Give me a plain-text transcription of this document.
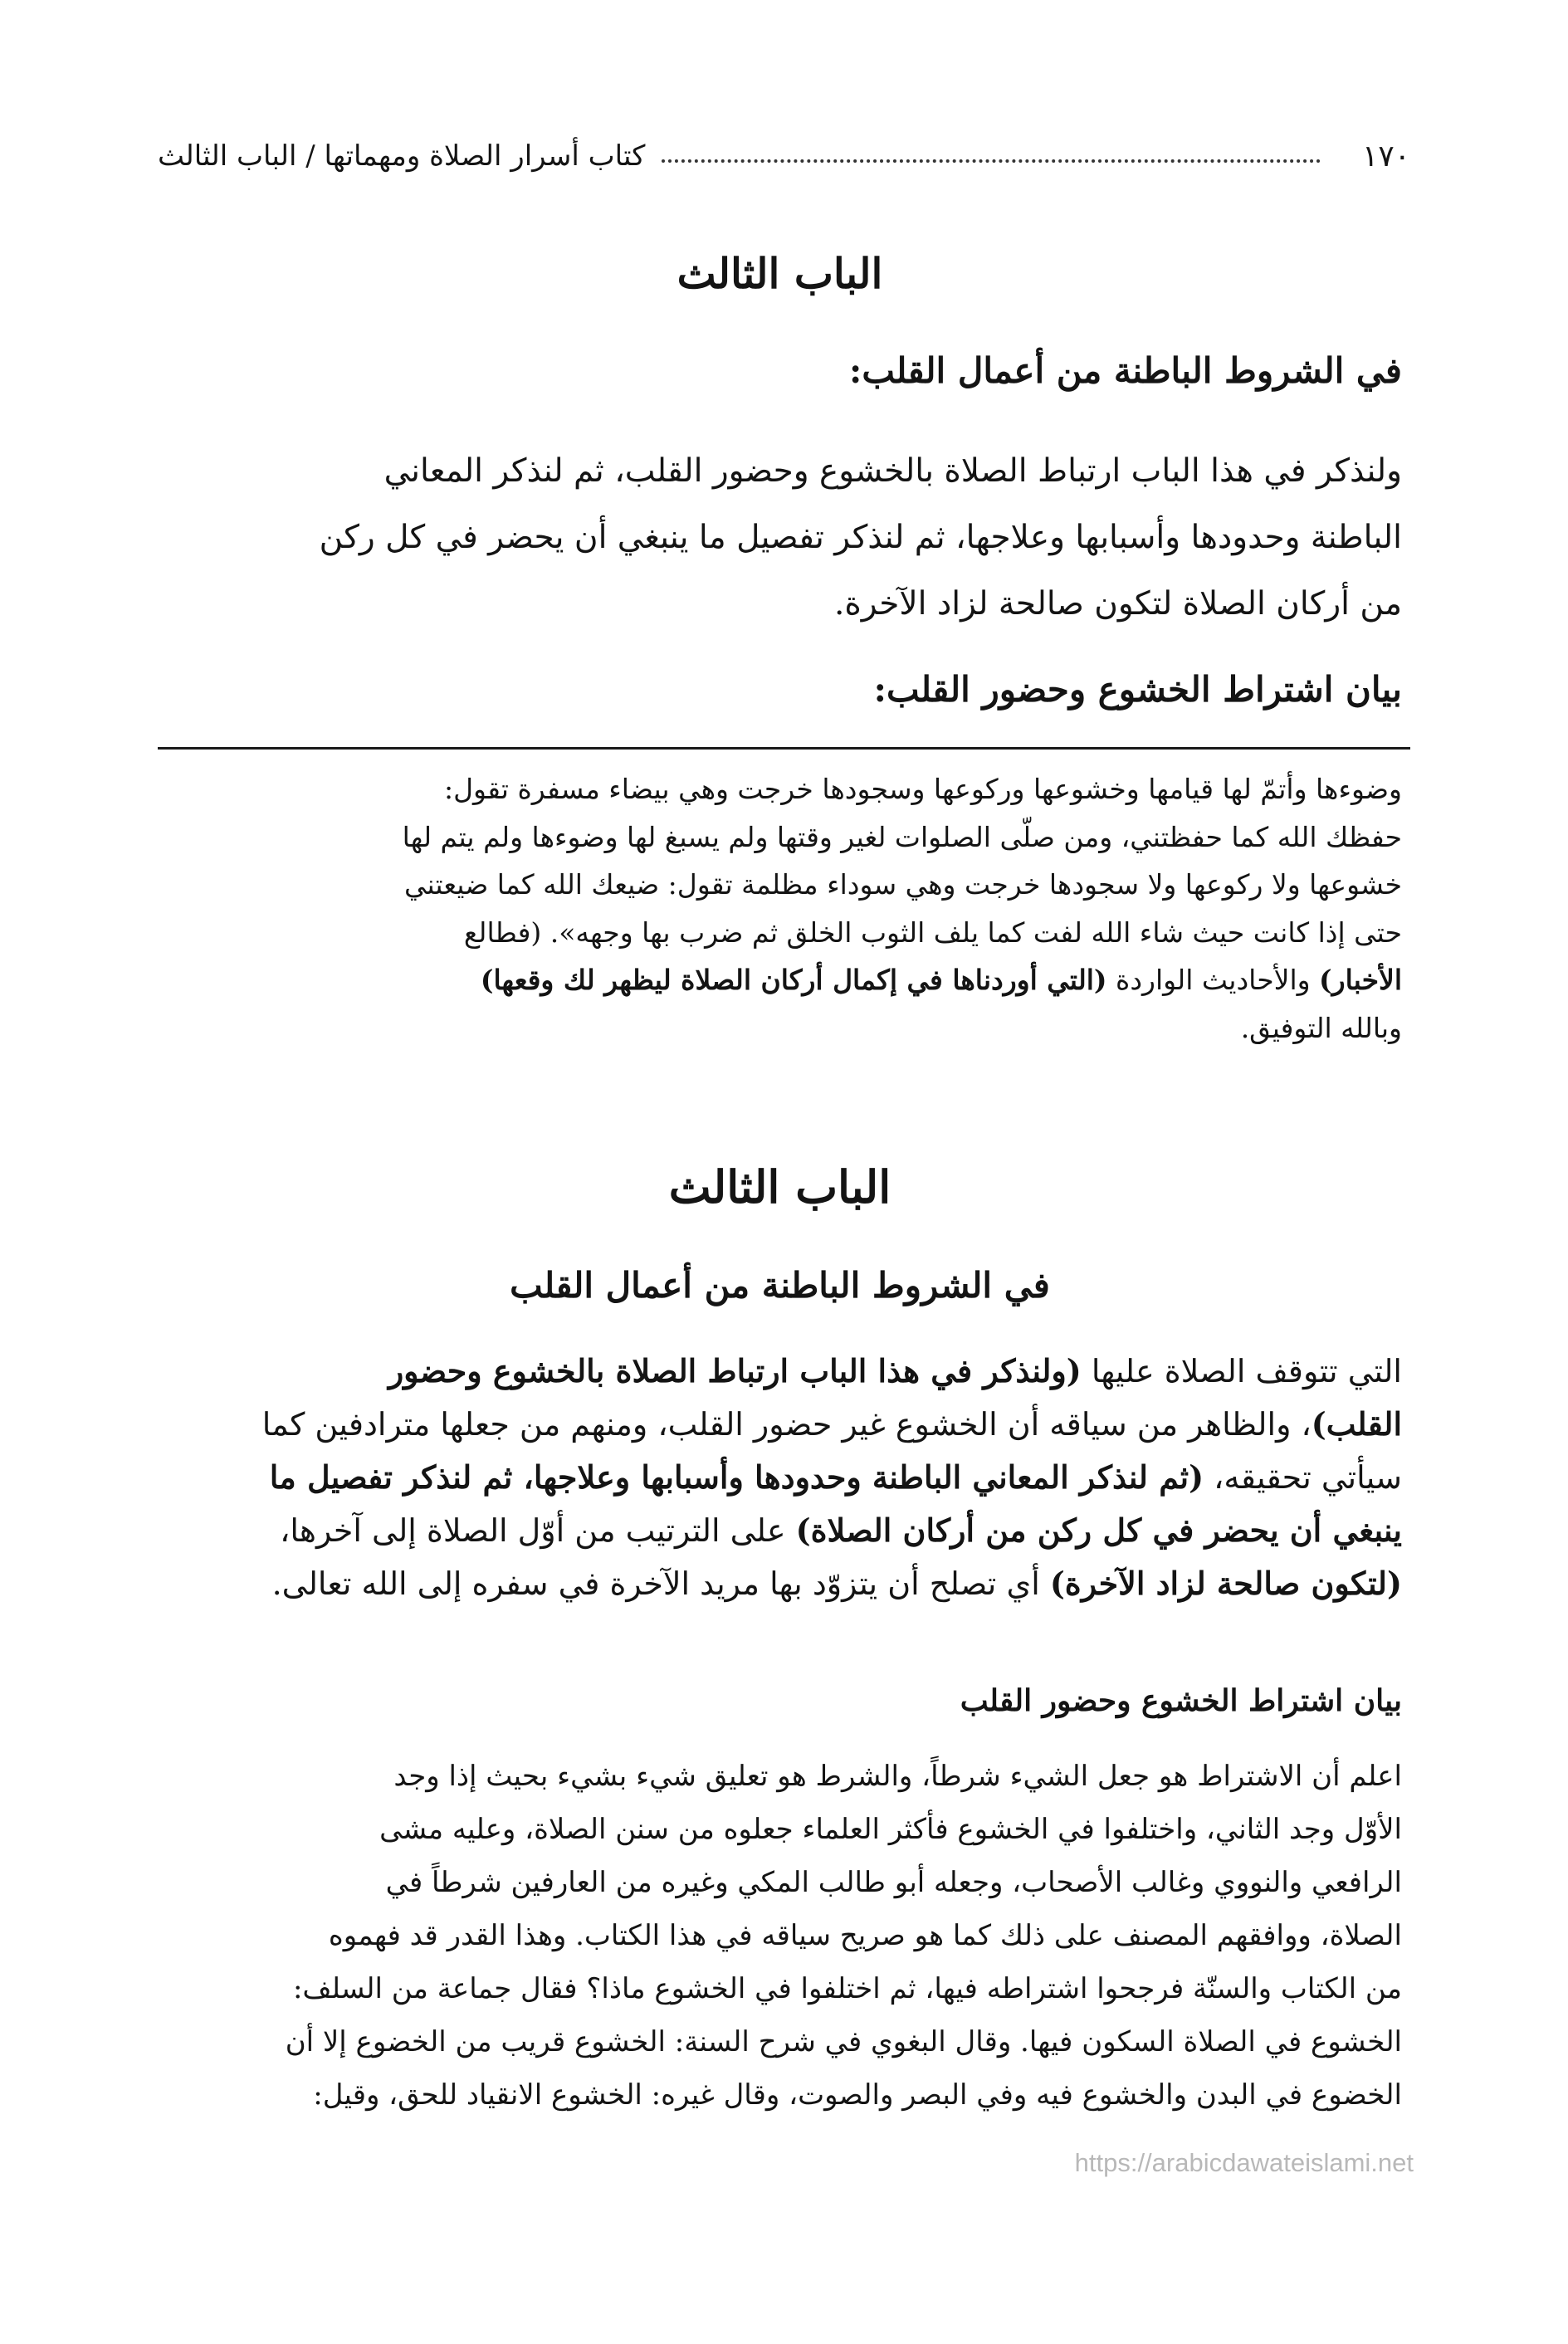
١٧٠
كتاب أسرار الصلاة ومهماتها / الباب الثالث
الباب الثالث
في الشروط الباطنة من أعمال القلب:
ولنذكر في هذا الباب ارتباط الصلاة بالخشوع وحضور القلب، ثم لنذكر المعاني
الباطنة وحدودها وأسبابها وعلاجها، ثم لنذكر تفصيل ما ينبغي أن يحضر في كل ركن
من أركان الصلاة لتكون صالحة لزاد الآخرة.
بيان اشتراط الخشوع وحضور القلب:
وضوءها وأتمّ لها قيامها وخشوعها وركوعها وسجودها خرجت وهي بيضاء مسفرة تقول:
حفظك الله كما حفظتني، ومن صلّى الصلوات لغير وقتها ولم يسبغ لها وضوءها ولم يتم لها
خشوعها ولا ركوعها ولا سجودها خرجت وهي سوداء مظلمة تقول: ضيعك الله كما ضيعتني
حتى إذا كانت حيث شاء الله لفت كما يلف الثوب الخلق ثم ضرب بها وجهه». (فطالع
الأخبار) والأحاديث الواردة (التي أوردناها في إكمال أركان الصلاة ليظهر لك وقعها)
وبالله التوفيق.
الباب الثالث
في الشروط الباطنة من أعمال القلب
التي تتوقف الصلاة عليها (ولنذكر في هذا الباب ارتباط الصلاة بالخشوع وحضور
القلب)، والظاهر من سياقه أن الخشوع غير حضور القلب، ومنهم من جعلها مترادفين كما
سيأتي تحقيقه، (ثم لنذكر المعاني الباطنة وحدودها وأسبابها وعلاجها، ثم لنذكر تفصيل ما
ينبغي أن يحضر في كل ركن من أركان الصلاة) على الترتيب من أوّل الصلاة إلى آخرها،
(لتكون صالحة لزاد الآخرة) أي تصلح أن يتزوّد بها مريد الآخرة في سفره إلى الله تعالى.
بيان اشتراط الخشوع وحضور القلب
اعلم أن الاشتراط هو جعل الشيء شرطاً، والشرط هو تعليق شيء بشيء بحيث إذا وجد
الأوّل وجد الثاني، واختلفوا في الخشوع فأكثر العلماء جعلوه من سنن الصلاة، وعليه مشى
الرافعي والنووي وغالب الأصحاب، وجعله أبو طالب المكي وغيره من العارفين شرطاً في
الصلاة، ووافقهم المصنف على ذلك كما هو صريح سياقه في هذا الكتاب. وهذا القدر قد فهموه
من الكتاب والسنّة فرجحوا اشتراطه فيها، ثم اختلفوا في الخشوع ماذا؟ فقال جماعة من السلف:
الخشوع في الصلاة السكون فيها. وقال البغوي في شرح السنة: الخشوع قريب من الخضوع إلا أن
الخضوع في البدن والخشوع فيه وفي البصر والصوت، وقال غيره: الخشوع الانقياد للحق، وقيل:
https://arabicdawateislami.net
